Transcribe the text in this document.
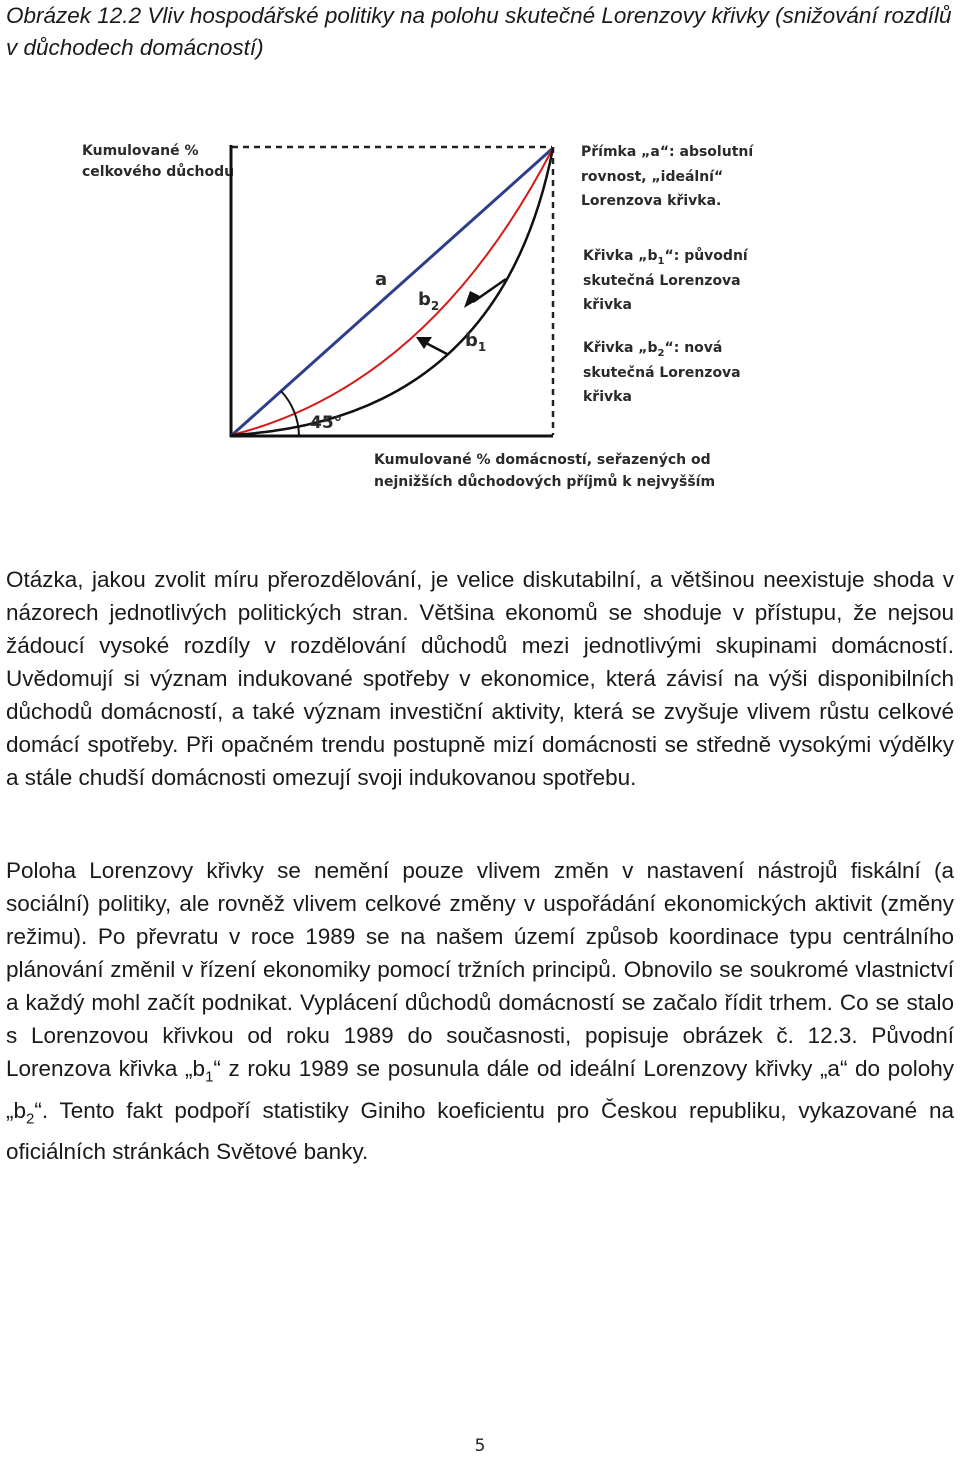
Obrázek 12.2 Vliv hospodářské politiky na polohu skutečné Lorenzovy křivky (snižování rozdílů v důchodech domácností)
Kumulované % celkového důchodu
45°
a
$b_2$
$b_1$
Kumulované % domácností, seřazených od nejnižších důchodových příjmů k nejvyšším
Přímka „a“: absolutní rovnost, „ideální“ Lorenzova křivka.
Křivka $„b_1“$: původní skutečná Lorenzova křivka
Křivka $„b_2“$: nová skutečná Lorenzova křivka

Otázka, jakou zvolit míru přerozdělování, je velice diskutabilní, a většinou neexistuje shoda v názorech jednotlivých politických stran. Většina ekonomů se shoduje v přístupu, že nejsou žádoucí vysoké rozdíly v rozdělování důchodů mezi jednotlivými skupinami domácností. Uvědomují si význam indukované spotřeby v ekonomice, která závisí na výši disponibilních důchodů domácností, a také význam investiční aktivity, která se zvyšuje vlivem růstu celkové domácí spotřeby. Při opačném trendu postupně mizí domácnosti se středně vysokými výdělky a stále chudší domácnosti omezují svoji indukovanou spotřebu.

Poloha Lorenzovy křivky se nemění pouze vlivem změn v nastavení nástrojů fiskální (a sociální) politiky, ale rovněž vlivem celkové změny v uspořádání ekonomických aktivit (změny režimu). Po převratu v roce 1989 se na našem území způsob koordinace typu centrálního plánování změnil v řízení ekonomiky pomocí tržních principů. Obnovilo se soukromé vlastnictví a každý mohl začít podnikat. Vyplácení důchodů domácností se začalo řídit trhem. Co se stalo s Lorenzovou křivkou od roku 1989 do současnosti, popisuje obrázek č. 12.3. Původní Lorenzova křivka $„b_1“$ z roku 1989 se posunula dále od ideální Lorenzovy křivky „a“ do polohy $„b_2“$. Tento fakt podpoří statistiky Giniho koeficientu pro Českou republiku, vykazované na oficiálních stránkách Světové banky.

5
